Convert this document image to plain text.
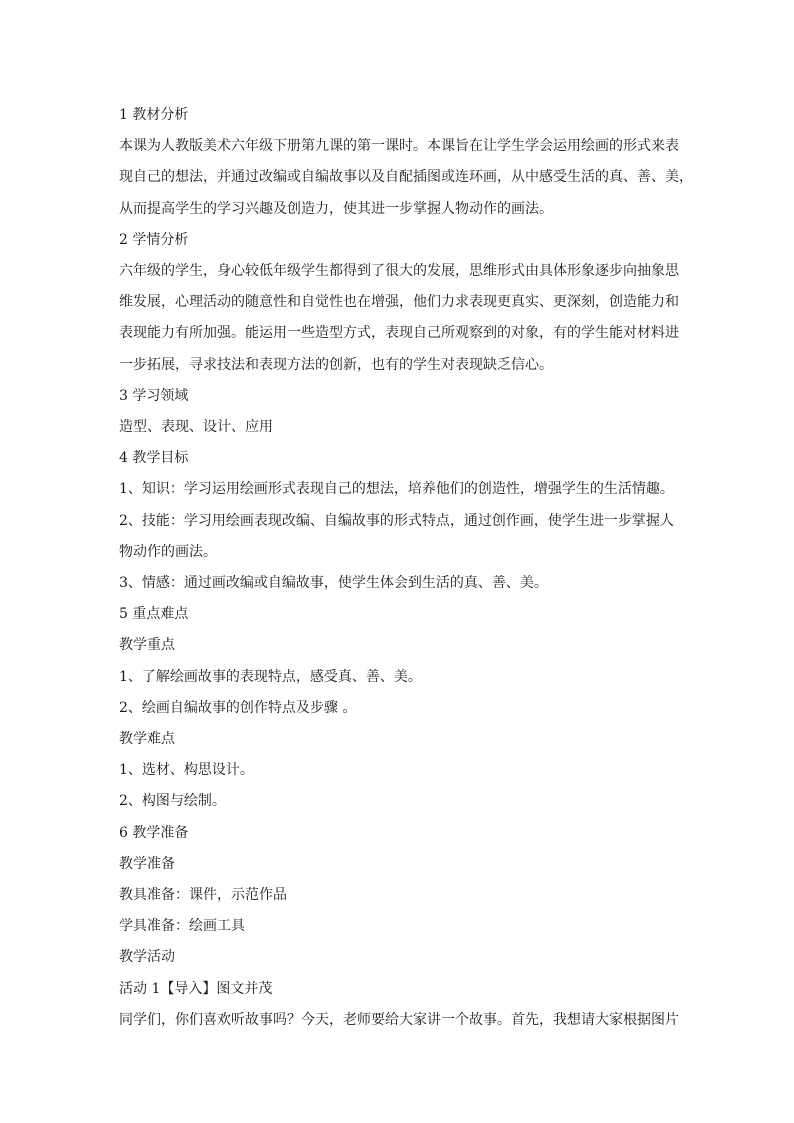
1 教材分析
本课为人教版美术六年级下册第九课的第一课时。本课旨在让学生学会运用绘画的形式来表
现自己的想法，并通过改编或自编故事以及自配插图或连环画，从中感受生活的真、善、美，
从而提高学生的学习兴趣及创造力，使其进一步掌握人物动作的画法。
2 学情分析
六年级的学生，身心较低年级学生都得到了很大的发展，思维形式由具体形象逐步向抽象思
维发展，心理活动的随意性和自觉性也在增强，他们力求表现更真实、更深刻，创造能力和
表现能力有所加强。能运用一些造型方式，表现自己所观察到的对象，有的学生能对材料进
一步拓展，寻求技法和表现方法的创新，也有的学生对表现缺乏信心。
3 学习领域
造型、表现、设计、应用
4 教学目标
1、知识：学习运用绘画形式表现自己的想法，培养他们的创造性，增强学生的生活情趣。
2、技能：学习用绘画表现改编、自编故事的形式特点，通过创作画，使学生进一步掌握人
物动作的画法。
3、情感：通过画改编或自编故事，使学生体会到生活的真、善、美。
5 重点难点
教学重点
1、了解绘画故事的表现特点，感受真、善、美。
2、绘画自编故事的创作特点及步骤 。
教学难点
1、选材、构思设计。
2、构图与绘制。
6 教学准备
教学准备
教具准备：课件，示范作品
学具准备：绘画工具
教学活动
活动 1【导入】图文并茂
同学们，你们喜欢听故事吗？今天，老师要给大家讲一个故事。首先，我想请大家根据图片
